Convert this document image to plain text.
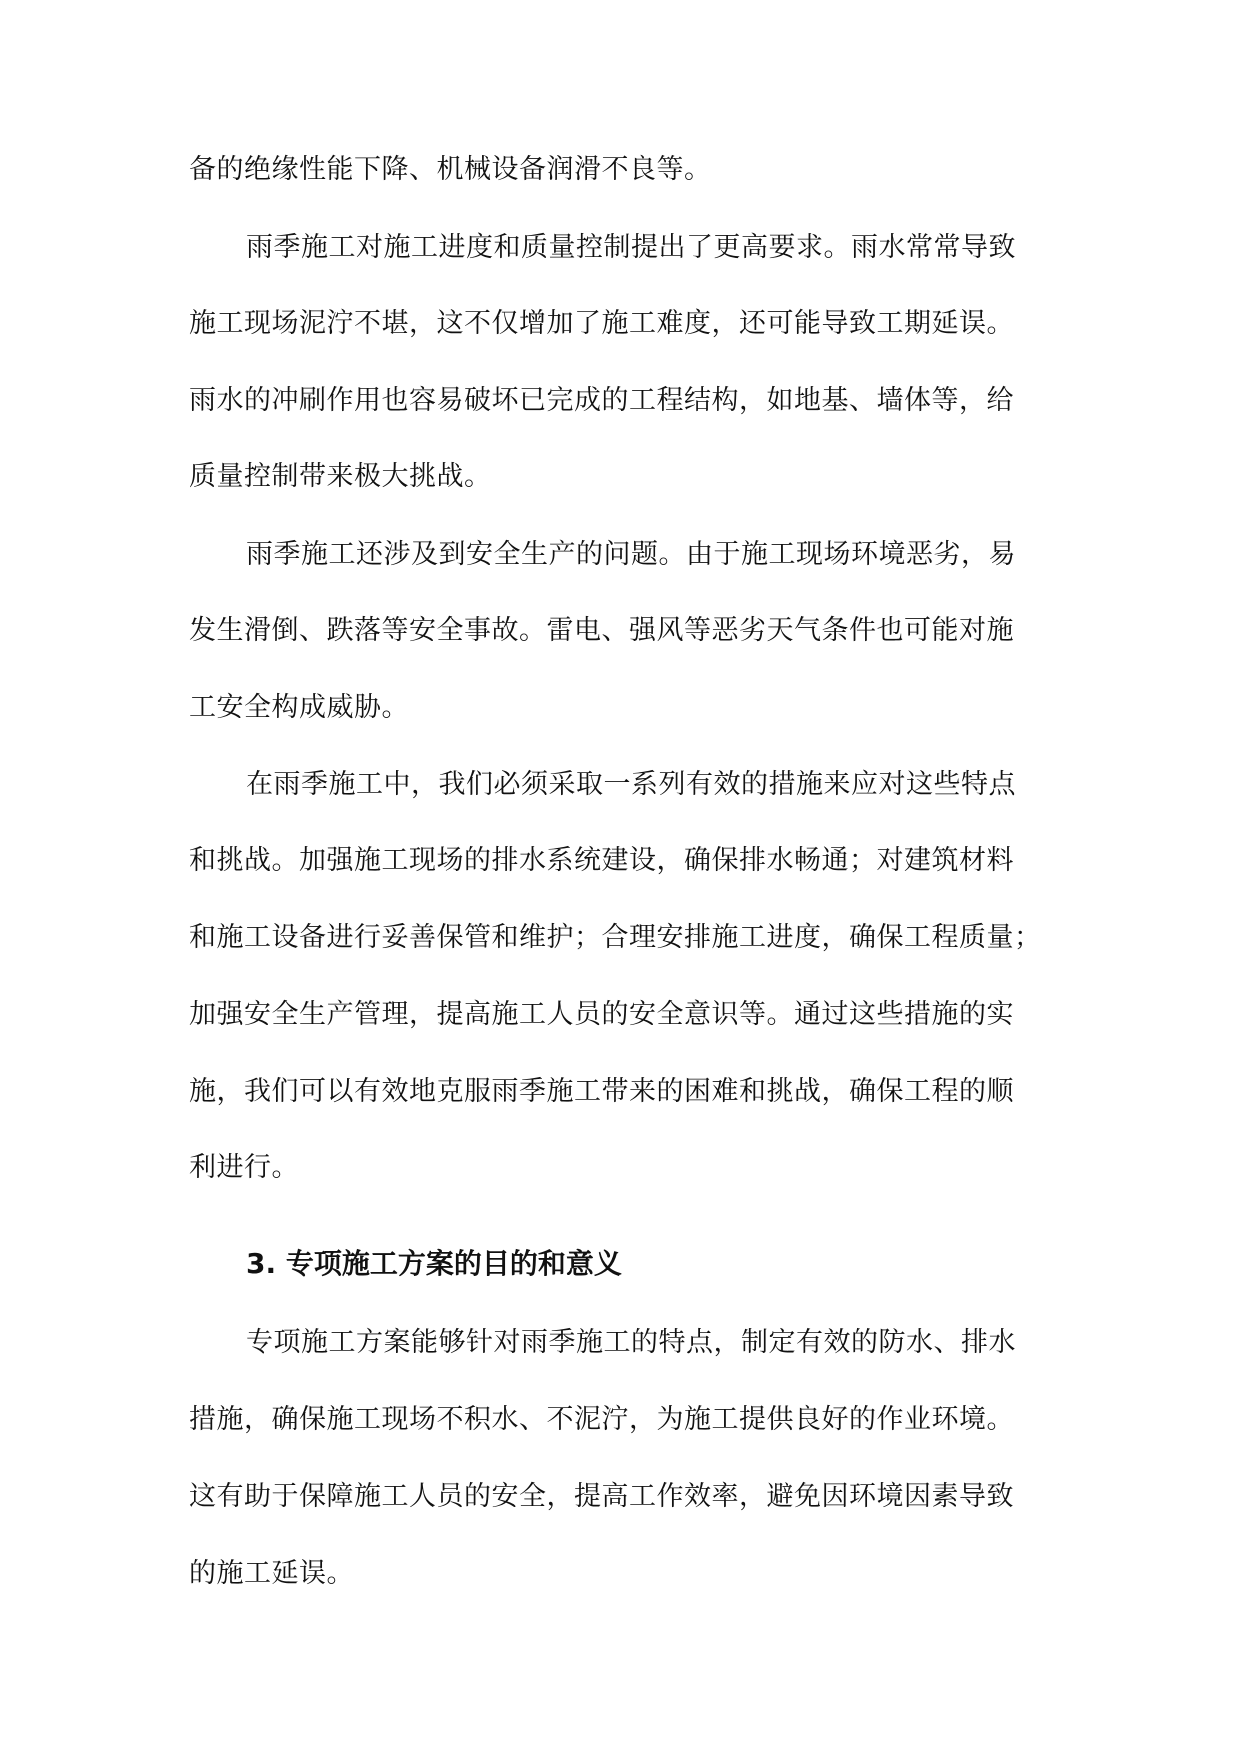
备的绝缘性能下降、机械设备润滑不良等。
雨季施工对施工进度和质量控制提出了更高要求。雨水常常导致
施工现场泥泞不堪，这不仅增加了施工难度，还可能导致工期延误。
雨水的冲刷作用也容易破坏已完成的工程结构，如地基、墙体等，给
质量控制带来极大挑战。
雨季施工还涉及到安全生产的问题。由于施工现场环境恶劣，易
发生滑倒、跌落等安全事故。雷电、强风等恶劣天气条件也可能对施
工安全构成威胁。
在雨季施工中，我们必须采取一系列有效的措施来应对这些特点
和挑战。加强施工现场的排水系统建设，确保排水畅通；对建筑材料
和施工设备进行妥善保管和维护；合理安排施工进度，确保工程质量；
加强安全生产管理，提高施工人员的安全意识等。通过这些措施的实
施，我们可以有效地克服雨季施工带来的困难和挑战，确保工程的顺
利进行。
3. 专项施工方案的目的和意义
专项施工方案能够针对雨季施工的特点，制定有效的防水、排水
措施，确保施工现场不积水、不泥泞，为施工提供良好的作业环境。
这有助于保障施工人员的安全，提高工作效率，避免因环境因素导致
的施工延误。
